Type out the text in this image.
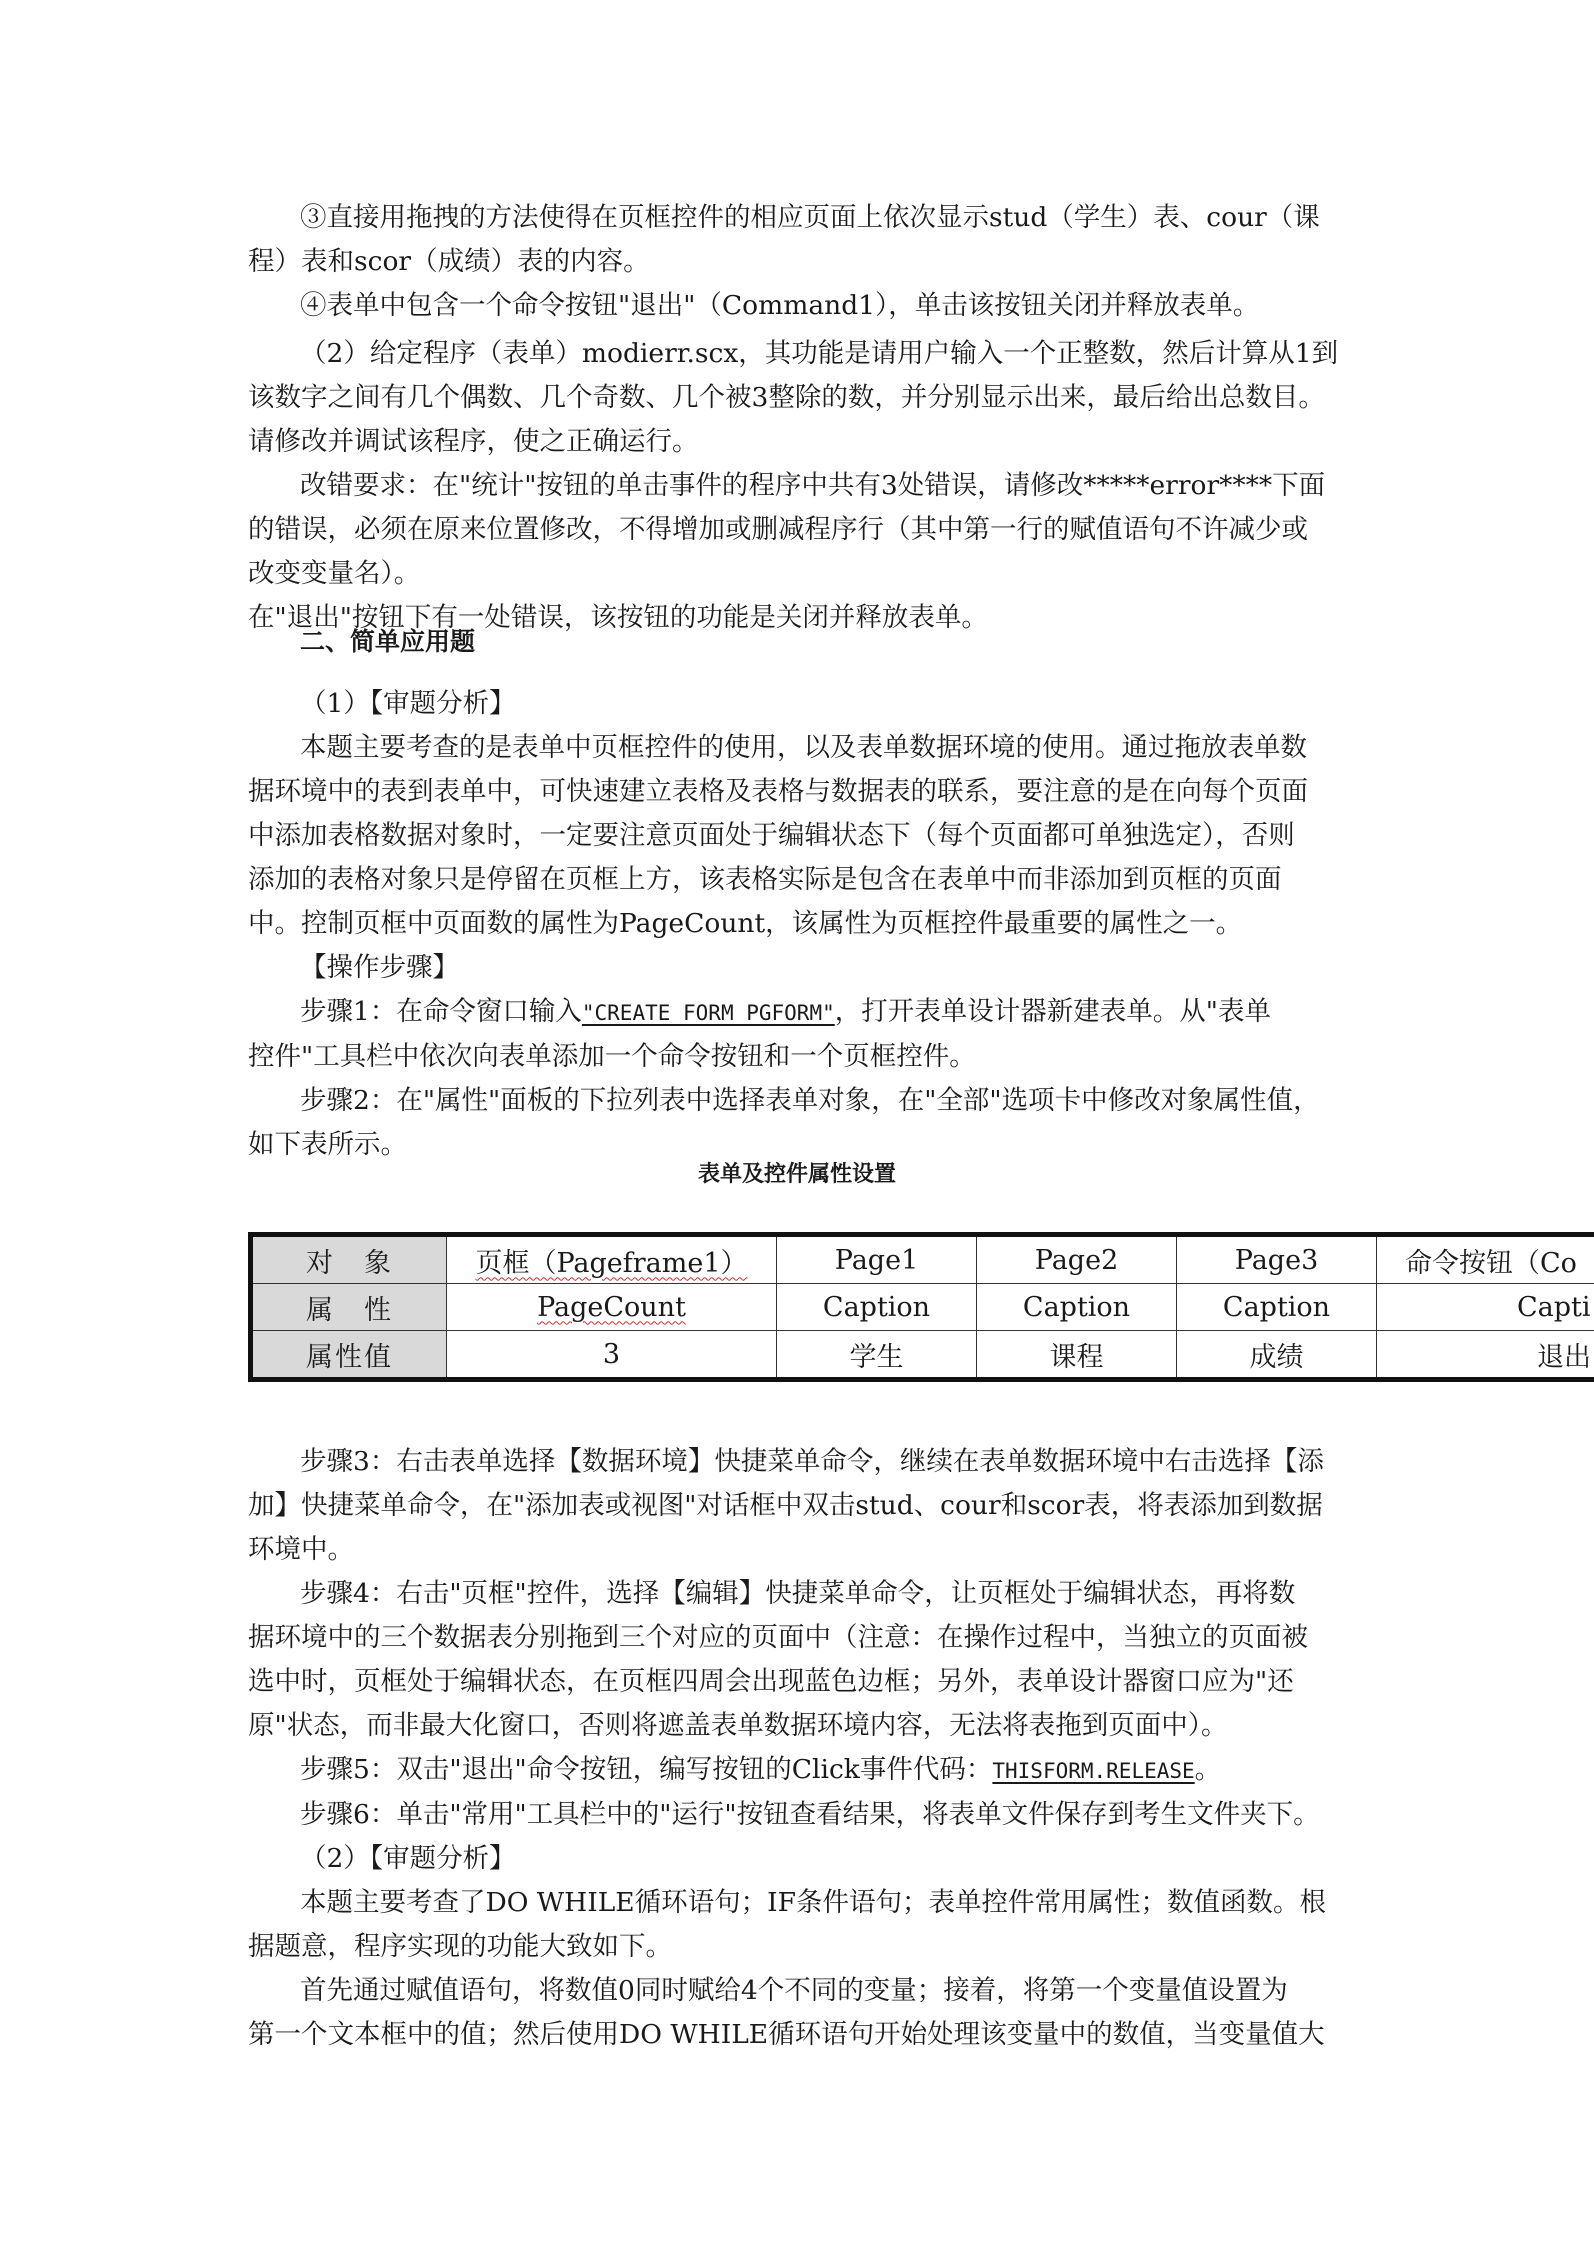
③直接用拖拽的方法使得在页框控件的相应页面上依次显示stud（学生）表、cour（课

程）表和scor（成绩）表的内容。

④表单中包含一个命令按钮"退出"（Command1），单击该按钮关闭并释放表单。

（2）给定程序（表单）modierr.scx，其功能是请用户输入一个正整数，然后计算从1到

该数字之间有几个偶数、几个奇数、几个被3整除的数，并分别显示出来，最后给出总数目。

请修改并调试该程序，使之正确运行。

改错要求：在"统计"按钮的单击事件的程序中共有3处错误，请修改*****error****下面

的错误，必须在原来位置修改，不得增加或删减程序行（其中第一行的赋值语句不许减少或

改变变量名）。

在"退出"按钮下有一处错误，该按钮的功能是关闭并释放表单。

二、简单应用题

（1）【审题分析】

本题主要考查的是表单中页框控件的使用，以及表单数据环境的使用。通过拖放表单数

据环境中的表到表单中，可快速建立表格及表格与数据表的联系，要注意的是在向每个页面

中添加表格数据对象时，一定要注意页面处于编辑状态下（每个页面都可单独选定），否则

添加的表格对象只是停留在页框上方，该表格实际是包含在表单中而非添加到页框的页面

中。控制页框中页面数的属性为PageCount，该属性为页框控件最重要的属性之一。

【操作步骤】

步骤1：在命令窗口输入"CREATE FORM PGFORM"，打开表单设计器新建表单。从"表单

控件"工具栏中依次向表单添加一个命令按钮和一个页框控件。

步骤2：在"属性"面板的下拉列表中选择表单对象，在"全部"选项卡中修改对象属性值，

如下表所示。

表单及控件属性设置

对　象	页框（Pageframe1）	Page1	Page2	Page3	命令按钮（Co
属　性	PageCount	Caption	Caption	Caption	Capti
属性值	3	学生	课程	成绩	退出

步骤3：右击表单选择【数据环境】快捷菜单命令，继续在表单数据环境中右击选择【添

加】快捷菜单命令，在"添加表或视图"对话框中双击stud、cour和scor表，将表添加到数据

环境中。

步骤4：右击"页框"控件，选择【编辑】快捷菜单命令，让页框处于编辑状态，再将数

据环境中的三个数据表分别拖到三个对应的页面中（注意：在操作过程中，当独立的页面被

选中时，页框处于编辑状态，在页框四周会出现蓝色边框；另外，表单设计器窗口应为"还

原"状态，而非最大化窗口，否则将遮盖表单数据环境内容，无法将表拖到页面中）。

步骤5：双击"退出"命令按钮，编写按钮的Click事件代码：THISFORM.RELEASE。

步骤6：单击"常用"工具栏中的"运行"按钮查看结果，将表单文件保存到考生文件夹下。

（2）【审题分析】

本题主要考查了DO WHILE循环语句；IF条件语句；表单控件常用属性；数值函数。根

据题意，程序实现的功能大致如下。

首先通过赋值语句，将数值0同时赋给4个不同的变量；接着，将第一个变量值设置为

第一个文本框中的值；然后使用DO WHILE循环语句开始处理该变量中的数值，当变量值大
